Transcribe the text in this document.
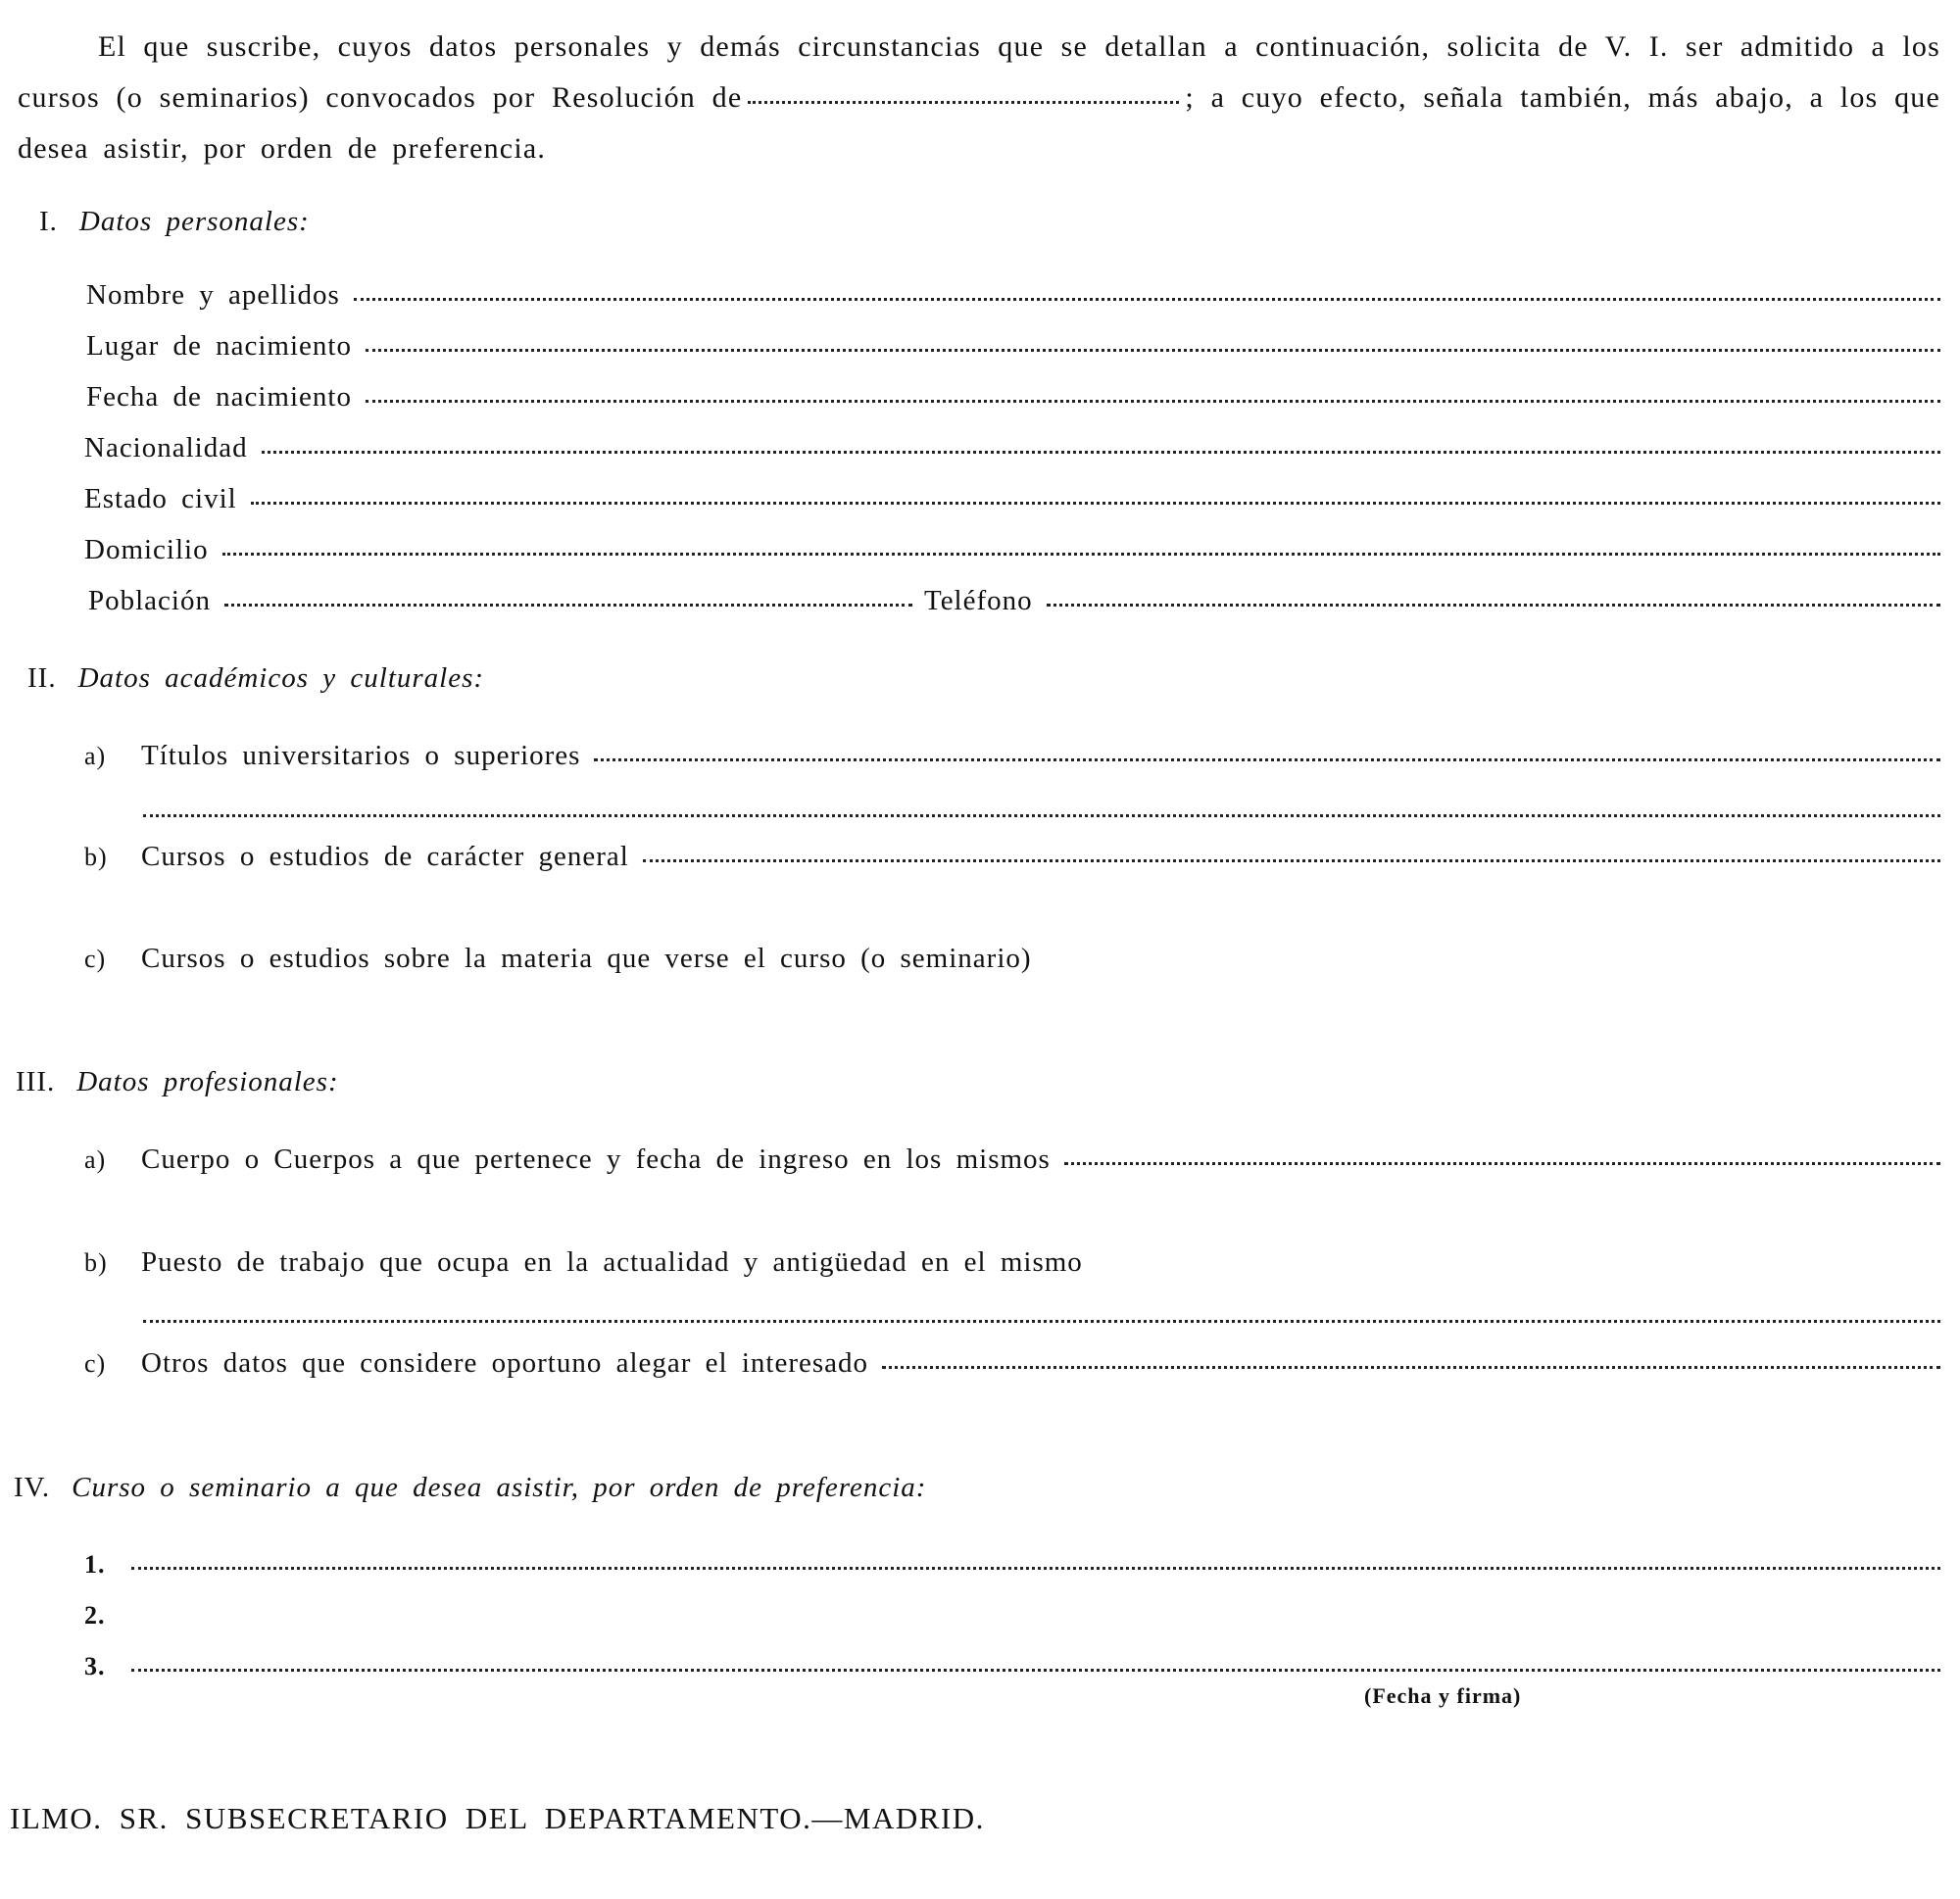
El que suscribe, cuyos datos personales y demás circunstancias que se detallan a continuación, solicita de V. I. ser admitido a los cursos (o seminarios) convocados por Resolución de	; a cuyo efecto, señala también, más abajo, a los que desea asistir, por orden de preferencia.
I. Datos personales:
Nombre y apellidos
Lugar de nacimiento
Fecha de nacimiento
Nacionalidad
Estado civil
Domicilio
Población	Teléfono
II. Datos académicos y culturales:
a)	Títulos universitarios o superiores
b)	Cursos o estudios de carácter general
c)	Cursos o estudios sobre la materia que verse el curso (o seminario)
III. Datos profesionales:
a)	Cuerpo o Cuerpos a que pertenece y fecha de ingreso en los mismos
b)	Puesto de trabajo que ocupa en la actualidad y antigüedad en el mismo
c)	Otros datos que considere oportuno alegar el interesado
IV. Curso o seminario a que desea asistir, por orden de preferencia:
1.
2.
3.
(Fecha y firma)
ILMO. SR. SUBSECRETARIO DEL DEPARTAMENTO.—MADRID.
